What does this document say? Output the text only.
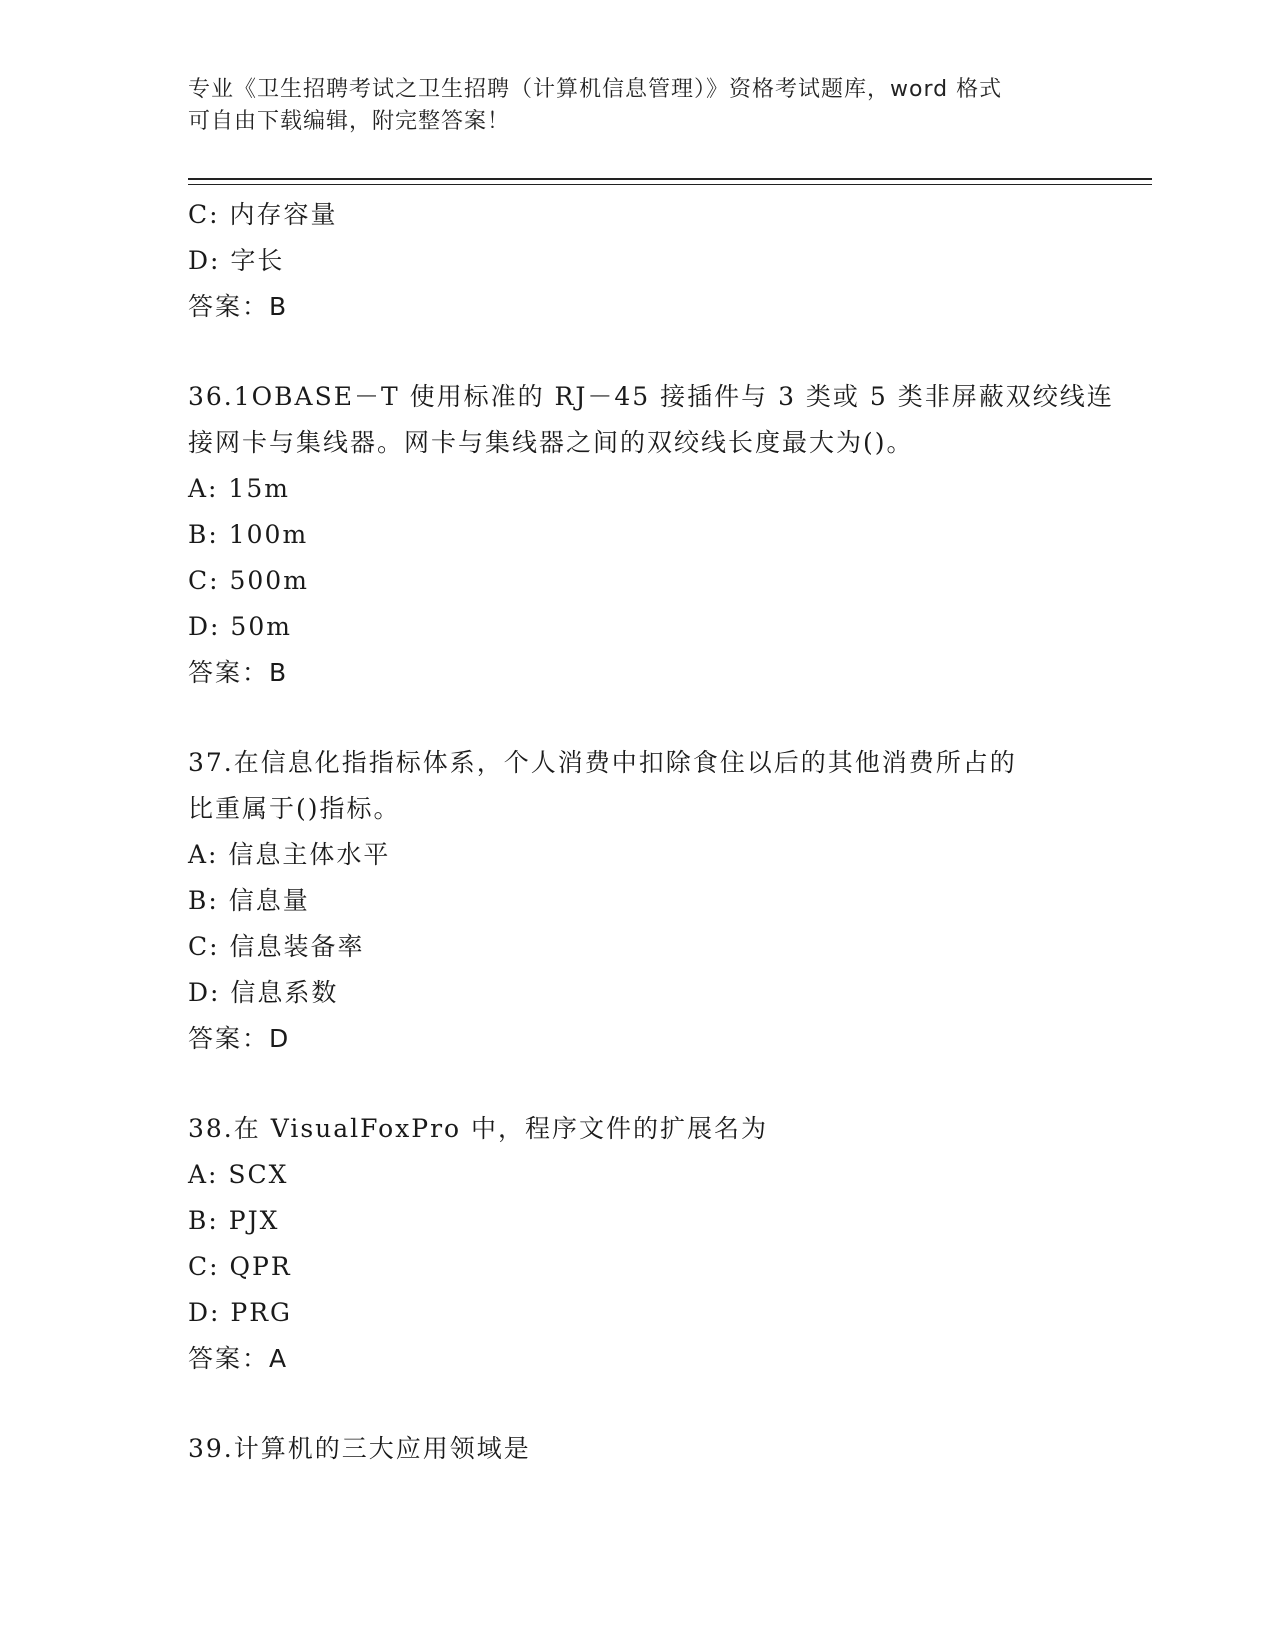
专业《卫生招聘考试之卫生招聘（计算机信息管理）》资格考试题库，word 格式
可自由下载编辑，附完整答案！
C: 内存容量
D: 字长
答案：B
36.1OBASE－T 使用标准的 RJ－45 接插件与 3 类或 5 类非屏蔽双绞线连
接网卡与集线器。网卡与集线器之间的双绞线长度最大为()。
A: 15m
B: 100m
C: 500m
D: 50m
答案：B
37.在信息化指指标体系，个人消费中扣除食住以后的其他消费所占的
比重属于()指标。
A: 信息主体水平
B: 信息量
C: 信息装备率
D: 信息系数
答案：D
38.在 VisualFoxPro 中，程序文件的扩展名为
A: SCX
B: PJX
C: QPR
D: PRG
答案：A
39.计算机的三大应用领域是
